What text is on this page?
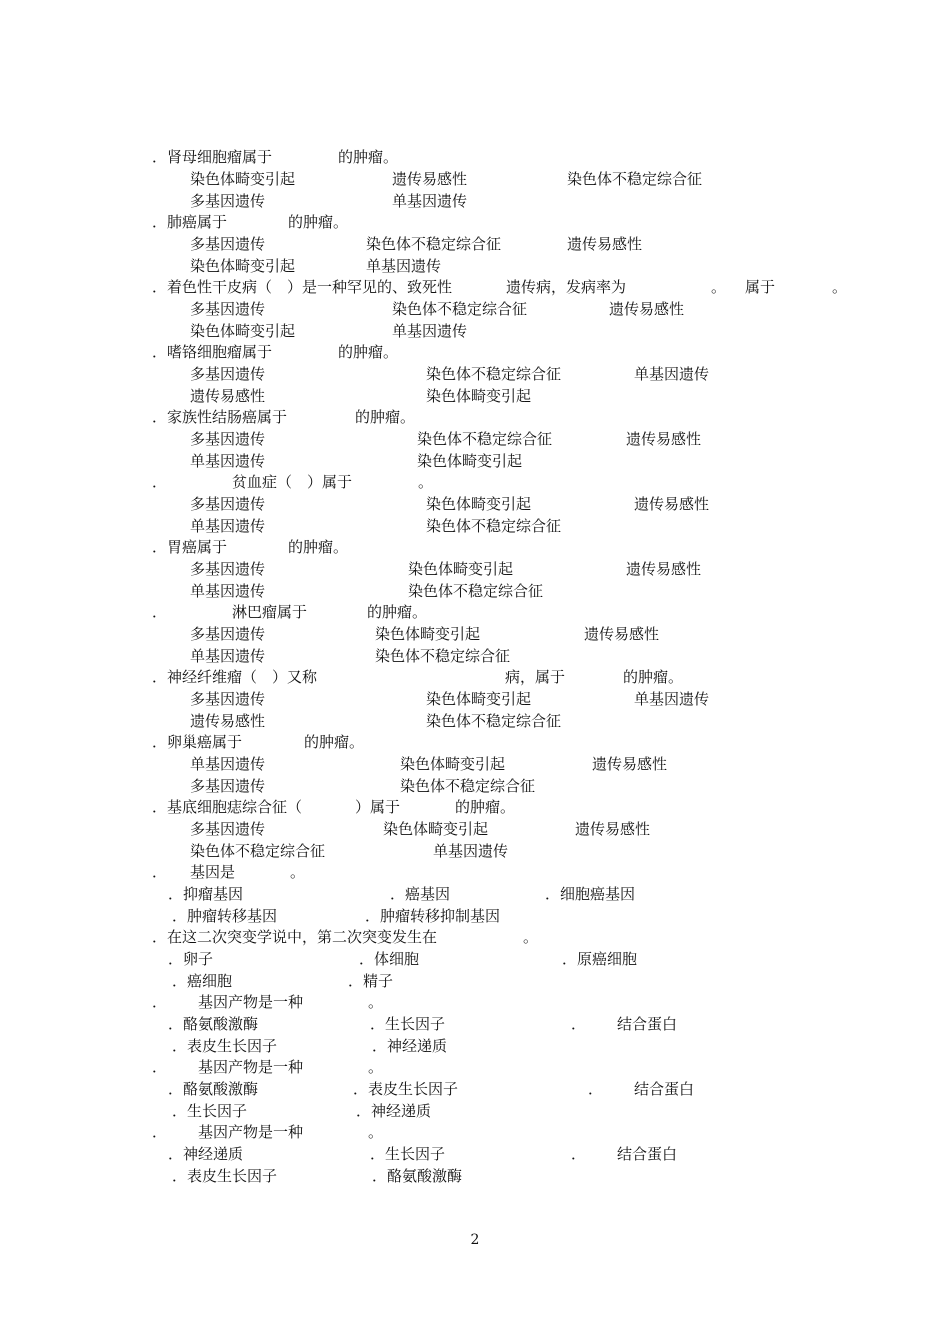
．肾母细胞瘤属于	的肿瘤。
染色体畸变引起	遗传易感性	染色体不稳定综合征
多基因遗传	单基因遗传
．肺癌属于	的肿瘤。
多基因遗传	染色体不稳定综合征	遗传易感性
染色体畸变引起	单基因遗传
．着色性干皮病（　）是一种罕见的、致死性	遗传病，发病率为	。 属于	。
多基因遗传	染色体不稳定综合征	遗传易感性
染色体畸变引起	单基因遗传
．嗜铬细胞瘤属于	的肿瘤。
多基因遗传	染色体不稳定综合征	单基因遗传
遗传易感性	染色体畸变引起
．家族性结肠癌属于	的肿瘤。
多基因遗传	染色体不稳定综合征	遗传易感性
单基因遗传	染色体畸变引起
．	贫血症（　）属于	。
多基因遗传	染色体畸变引起	遗传易感性
单基因遗传	染色体不稳定综合征
．胃癌属于	的肿瘤。
多基因遗传	染色体畸变引起	遗传易感性
单基因遗传	染色体不稳定综合征
．	淋巴瘤属于	的肿瘤。
多基因遗传	染色体畸变引起	遗传易感性
单基因遗传	染色体不稳定综合征
．神经纤维瘤（　）又称	病，属于	的肿瘤。
多基因遗传	染色体畸变引起	单基因遗传
遗传易感性	染色体不稳定综合征
．卵巢癌属于	的肿瘤。
单基因遗传	染色体畸变引起	遗传易感性
多基因遗传	染色体不稳定综合征
．基底细胞痣综合征（	）属于	的肿瘤。
多基因遗传	染色体畸变引起	遗传易感性
染色体不稳定综合征	单基因遗传
． 基因是	。
．抑瘤基因	．癌基因	．细胞癌基因
．肿瘤转移基因	．肿瘤转移抑制基因
．在这二次突变学说中，第二次突变发生在	。
．卵子	．体细胞	．原癌细胞
．癌细胞	．精子
． 基因产物是一种	。
．酪氨酸激酶	．生长因子	． 结合蛋白
．表皮生长因子	．神经递质
． 基因产物是一种	。
．酪氨酸激酶	．表皮生长因子	． 结合蛋白
．生长因子	．神经递质
． 基因产物是一种	。
．神经递质	．生长因子	． 结合蛋白
．表皮生长因子	．酪氨酸激酶
2
